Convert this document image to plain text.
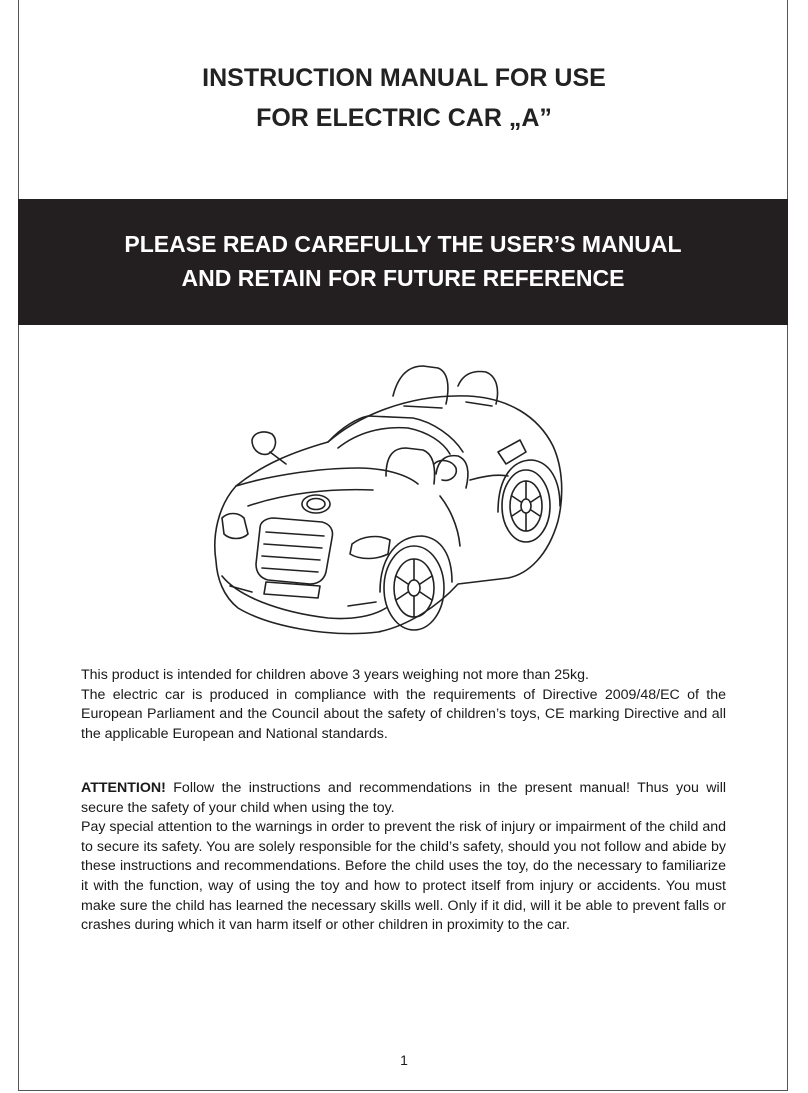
INSTRUCTION MANUAL FOR USE
FOR ELECTRIC CAR „A”
PLEASE READ CAREFULLY THE USER’S MANUAL
AND RETAIN FOR FUTURE REFERENCE

This product is intended for children above 3 years weighing not more than 25kg.

The electric car is produced in compliance with the requirements of Directive 2009/48/EC of the European Parliament and the Council about the safety of children’s toys, CE marking Directive and all the applicable European and National standards.

ATTENTION! Follow the instructions and recommendations in the present manual! Thus you will secure the safety of your child when using the toy.

Pay special attention to the warnings in order to prevent the risk of injury or impairment of the child and to secure its safety. You are solely responsible for the child’s safety, should you not follow and abide by these instructions and recommendations. Before the child uses the toy, do the necessary to familiarize it with the function, way of using the toy and how to protect itself from injury or accidents. You must make sure the child has learned the necessary skills well. Only if it did, will it be able to prevent falls or crashes during which it van harm itself or other children in proximity to the car.

1
